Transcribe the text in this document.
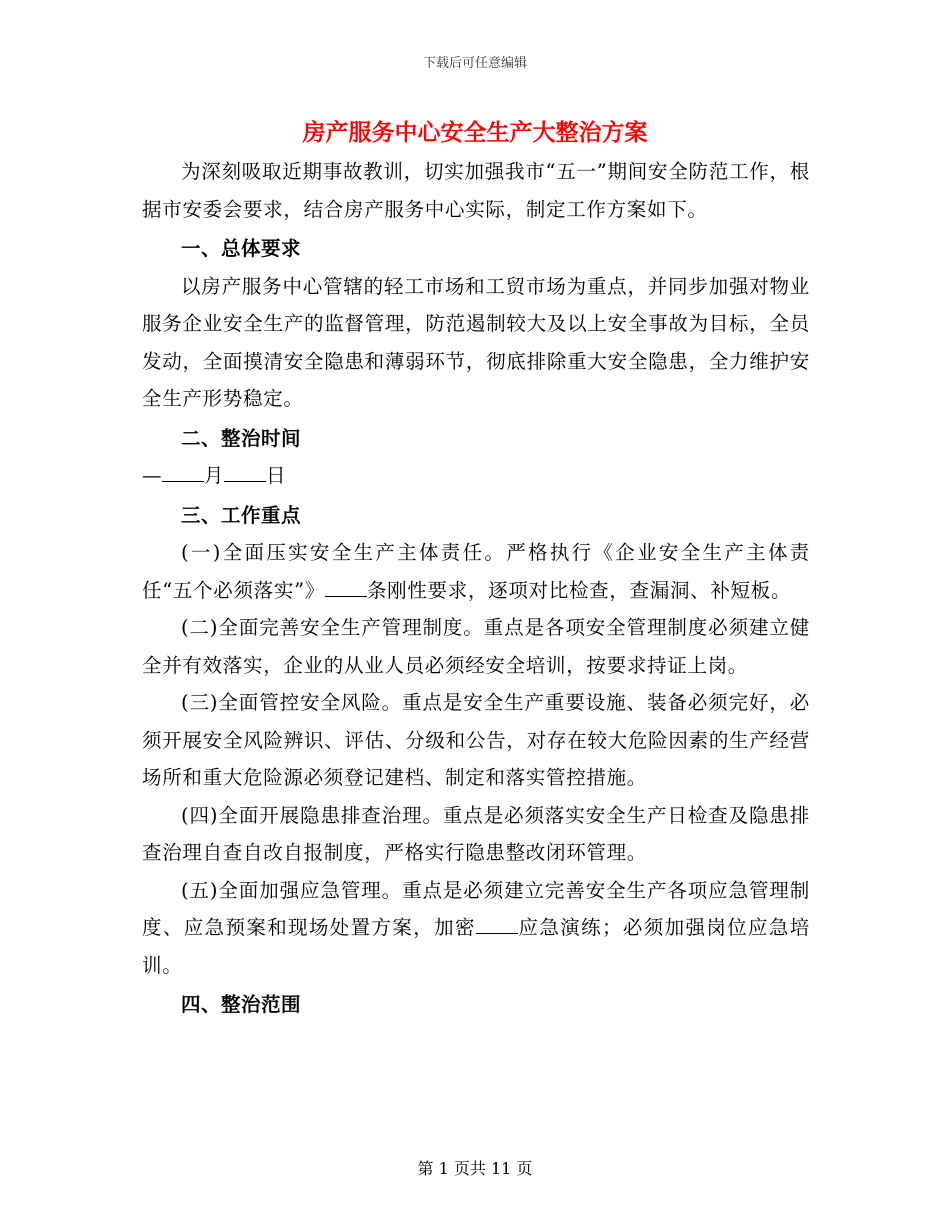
下载后可任意编辑
房产服务中心安全生产大整治方案

为深刻吸取近期事故教训，切实加强我市“五一”期间安全防范工作，根据市安委会要求，结合房产服务中心实际，制定工作方案如下。

一、总体要求

以房产服务中心管辖的轻工市场和工贸市场为重点，并同步加强对物业服务企业安全生产的监督管理，防范遏制较大及以上安全事故为目标，全员发动，全面摸清安全隐患和薄弱环节，彻底排除重大安全隐患，全力维护安全生产形势稳定。

二、整治时间

— 月 日

三、工作重点

(一)全面压实安全生产主体责任。严格执行《企业安全生产主体责任“五个必须落实”》 条刚性要求，逐项对比检查，查漏洞、补短板。

(二)全面完善安全生产管理制度。重点是各项安全管理制度必须建立健全并有效落实，企业的从业人员必须经安全培训，按要求持证上岗。

(三)全面管控安全风险。重点是安全生产重要设施、装备必须完好，必须开展安全风险辨识、评估、分级和公告，对存在较大危险因素的生产经营场所和重大危险源必须登记建档、制定和落实管控措施。

(四)全面开展隐患排查治理。重点是必须落实安全生产日检查及隐患排查治理自查自改自报制度，严格实行隐患整改闭环管理。

(五)全面加强应急管理。重点是必须建立完善安全生产各项应急管理制度、应急预案和现场处置方案，加密 应急演练；必须加强岗位应急培训。

四、整治范围

第 1 页共 11 页
